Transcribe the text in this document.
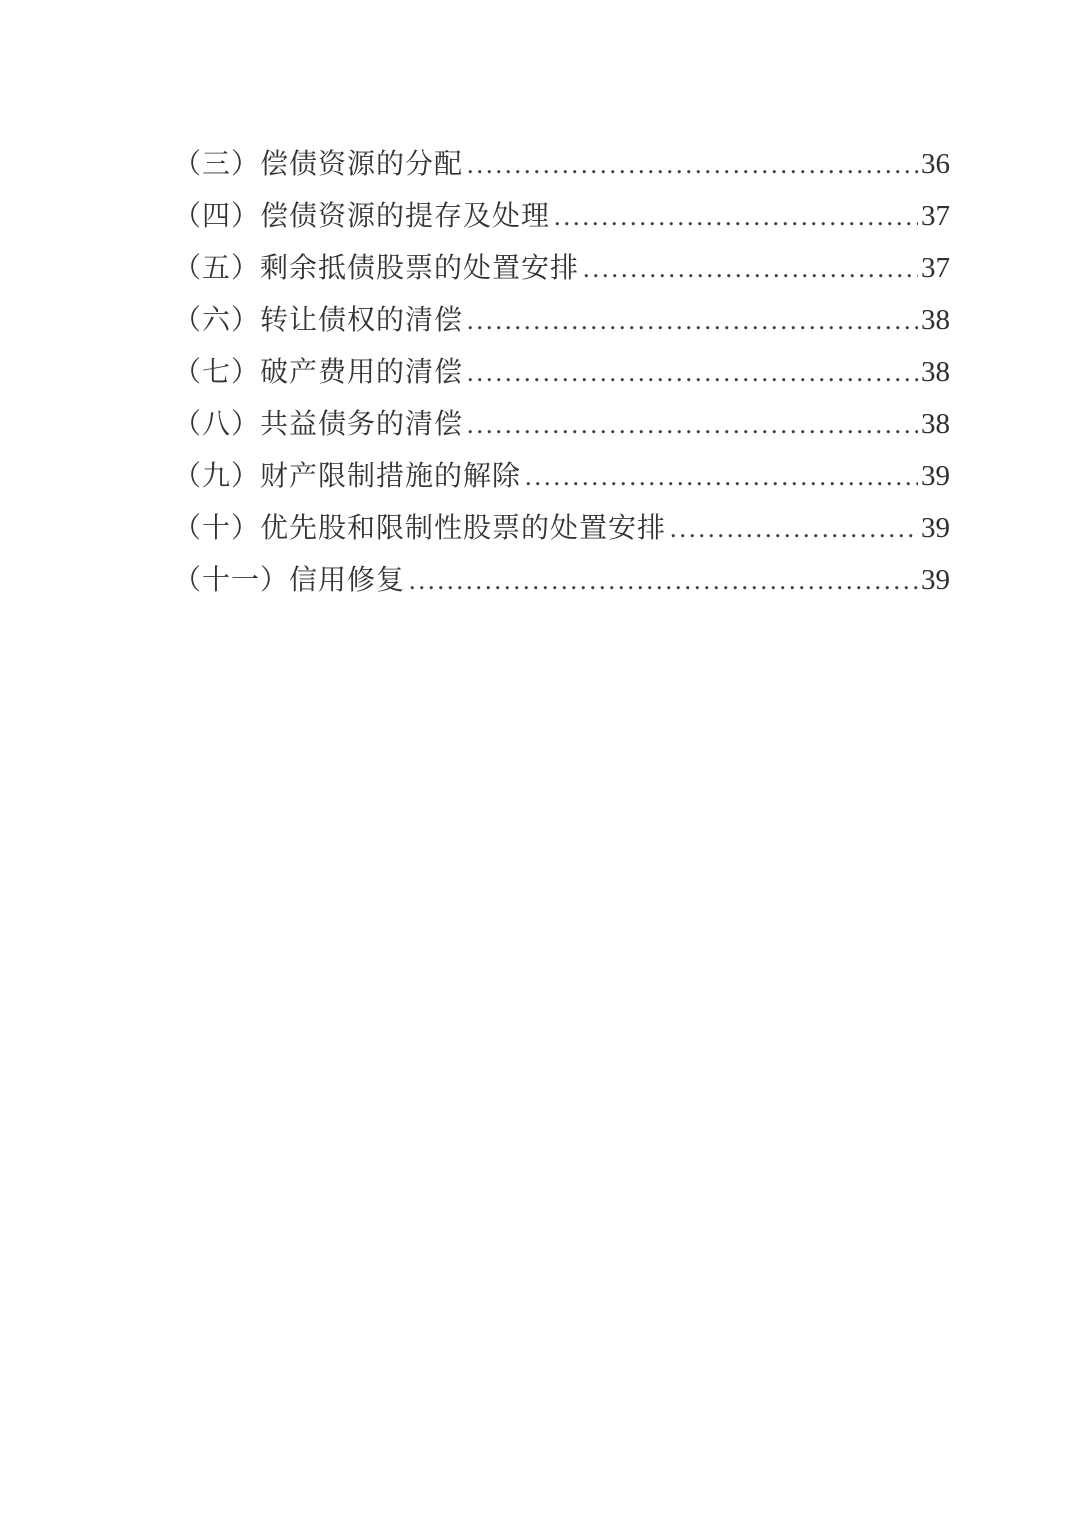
（三）偿债资源的分配 .....	36
（四）偿债资源的提存及处理 .....	37
（五）剩余抵债股票的处置安排 .....	37
（六）转让债权的清偿 .....	38
（七）破产费用的清偿 .....	38
（八）共益债务的清偿 .....	38
（九）财产限制措施的解除 .....	39
（十）优先股和限制性股票的处置安排 .....	39
（十一）信用修复 .....	39
